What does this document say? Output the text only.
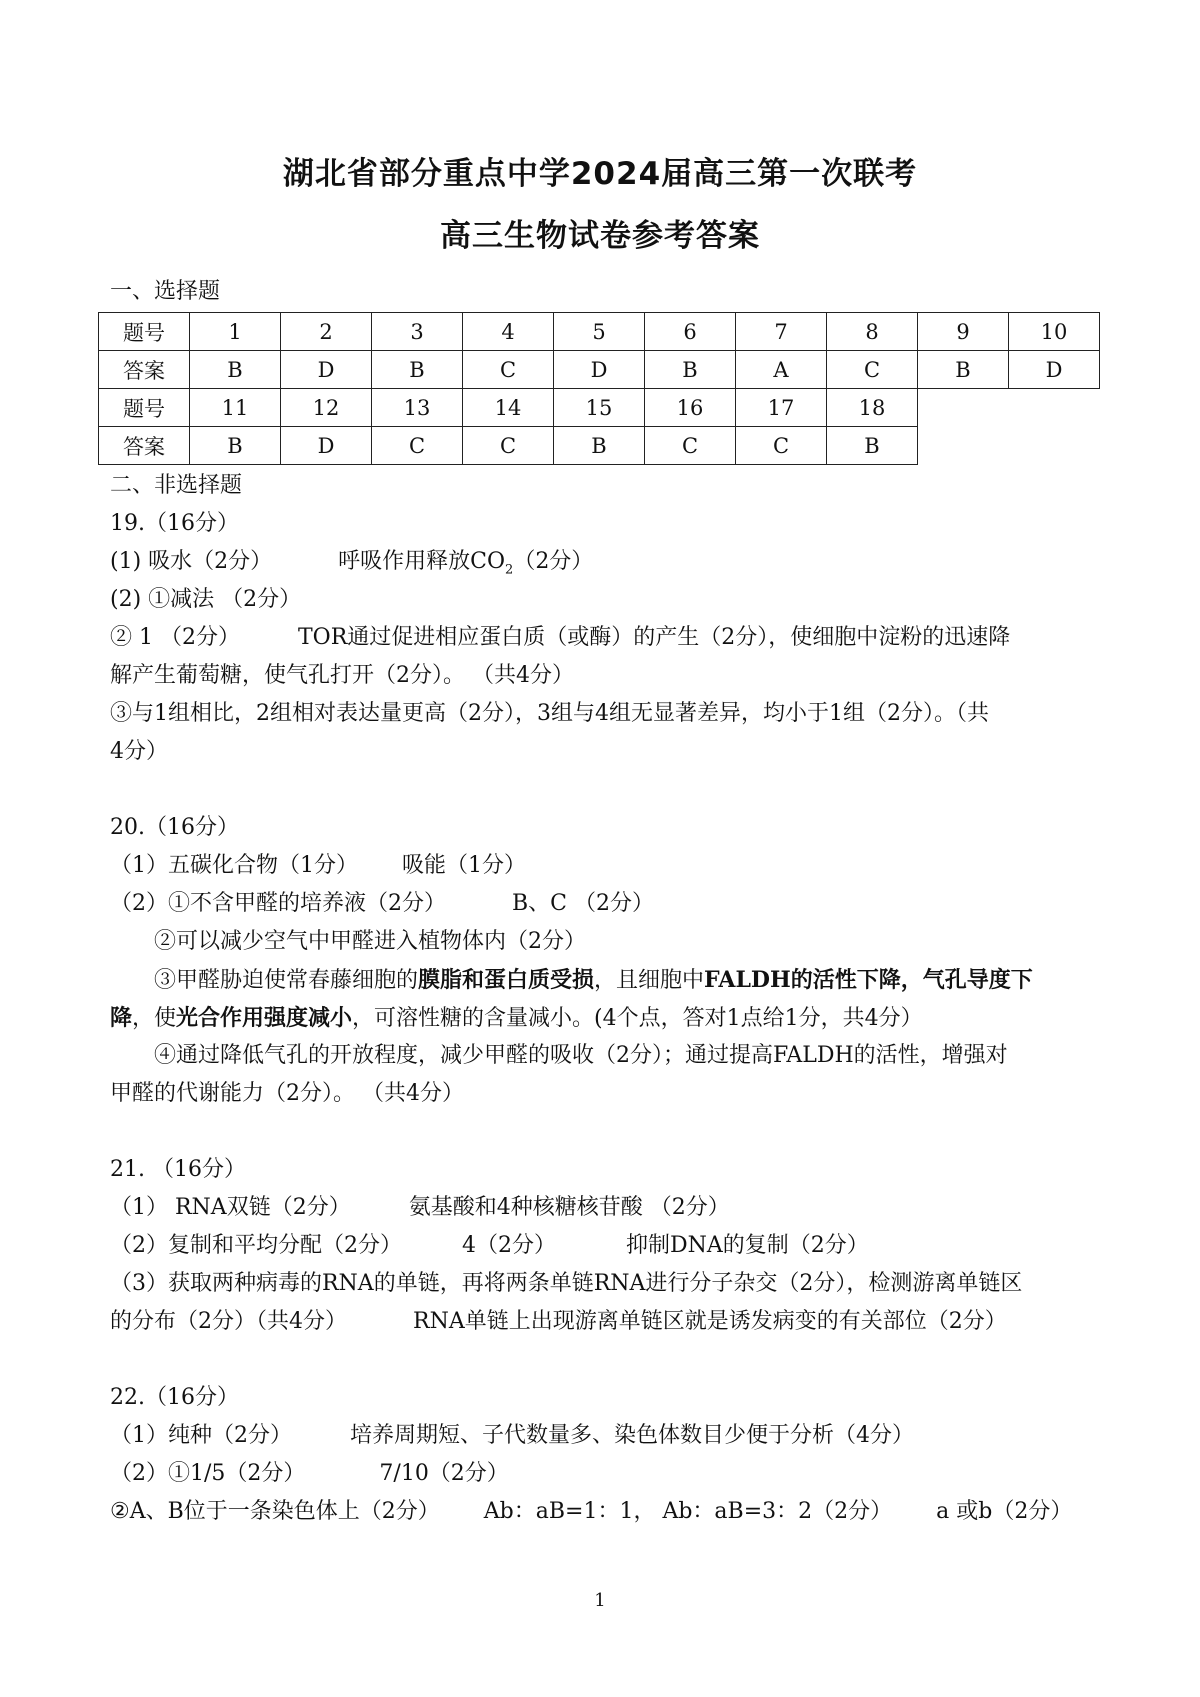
湖北省部分重点中学2024届高三第一次联考
高三生物试卷参考答案
一、选择题
题号	1	2	3	4	5	6	7	8	9	10
答案	B	D	B	C	D	B	A	C	B	D
题号	11	12	13	14	15	16	17	18		
答案	B	D	C	C	B	C	C	B		
二、非选择题
19.（16分）
(1) 吸水（2分）	呼吸作用释放$CO_2(2$分）
(2) ①减法 （2分）
② 1 （2分）	TOR通过促进相应蛋白质（或酶）的产生（2分），使细胞中淀粉的迅速降
解产生葡萄糖，使气孔打开（2分）。 （共4分）
③与1组相比，2组相对表达量更高（2分），3组与4组无显著差异，均小于1组（2分）。（共
4分）
20.（16分）
（1）五碳化合物（1分） 吸能（1分）
（2）①不含甲醛的培养液（2分）	B、C （2分）
②可以减少空气中甲醛进入植物体内（2分）
③甲醛胁迫使常春藤细胞的膜脂和蛋白质受损，且细胞中FALDH的活性下降，气孔导度下
降，使光合作用强度减小，可溶性糖的含量减小。(4个点，答对1点给1分，共4分）
④通过降低气孔的开放程度，减少甲醛的吸收（2分）；通过提高FALDH的活性，增强对
甲醛的代谢能力（2分）。 （共4分）
21. （16分）
（1） RNA双链（2分）	氨基酸和4种核糖核苷酸 （2分）
（2）复制和平均分配（2分）	4（2分）	抑制DNA的复制（2分）
（3）获取两种病毒的RNA的单链，再将两条单链RNA进行分子杂交（2分），检测游离单链区
的分布（2分）（共4分）	RNA单链上出现游离单链区就是诱发病变的有关部位（2分）
22.（16分）
（1）纯种（2分）	培养周期短、子代数量多、染色体数目少便于分析（4分）
（2）①1/5（2分）	7/10（2分）
②A、B位于一条染色体上（2分） Ab：aB=1：1， Ab：aB=3：2（2分） a 或b（2分）
1
